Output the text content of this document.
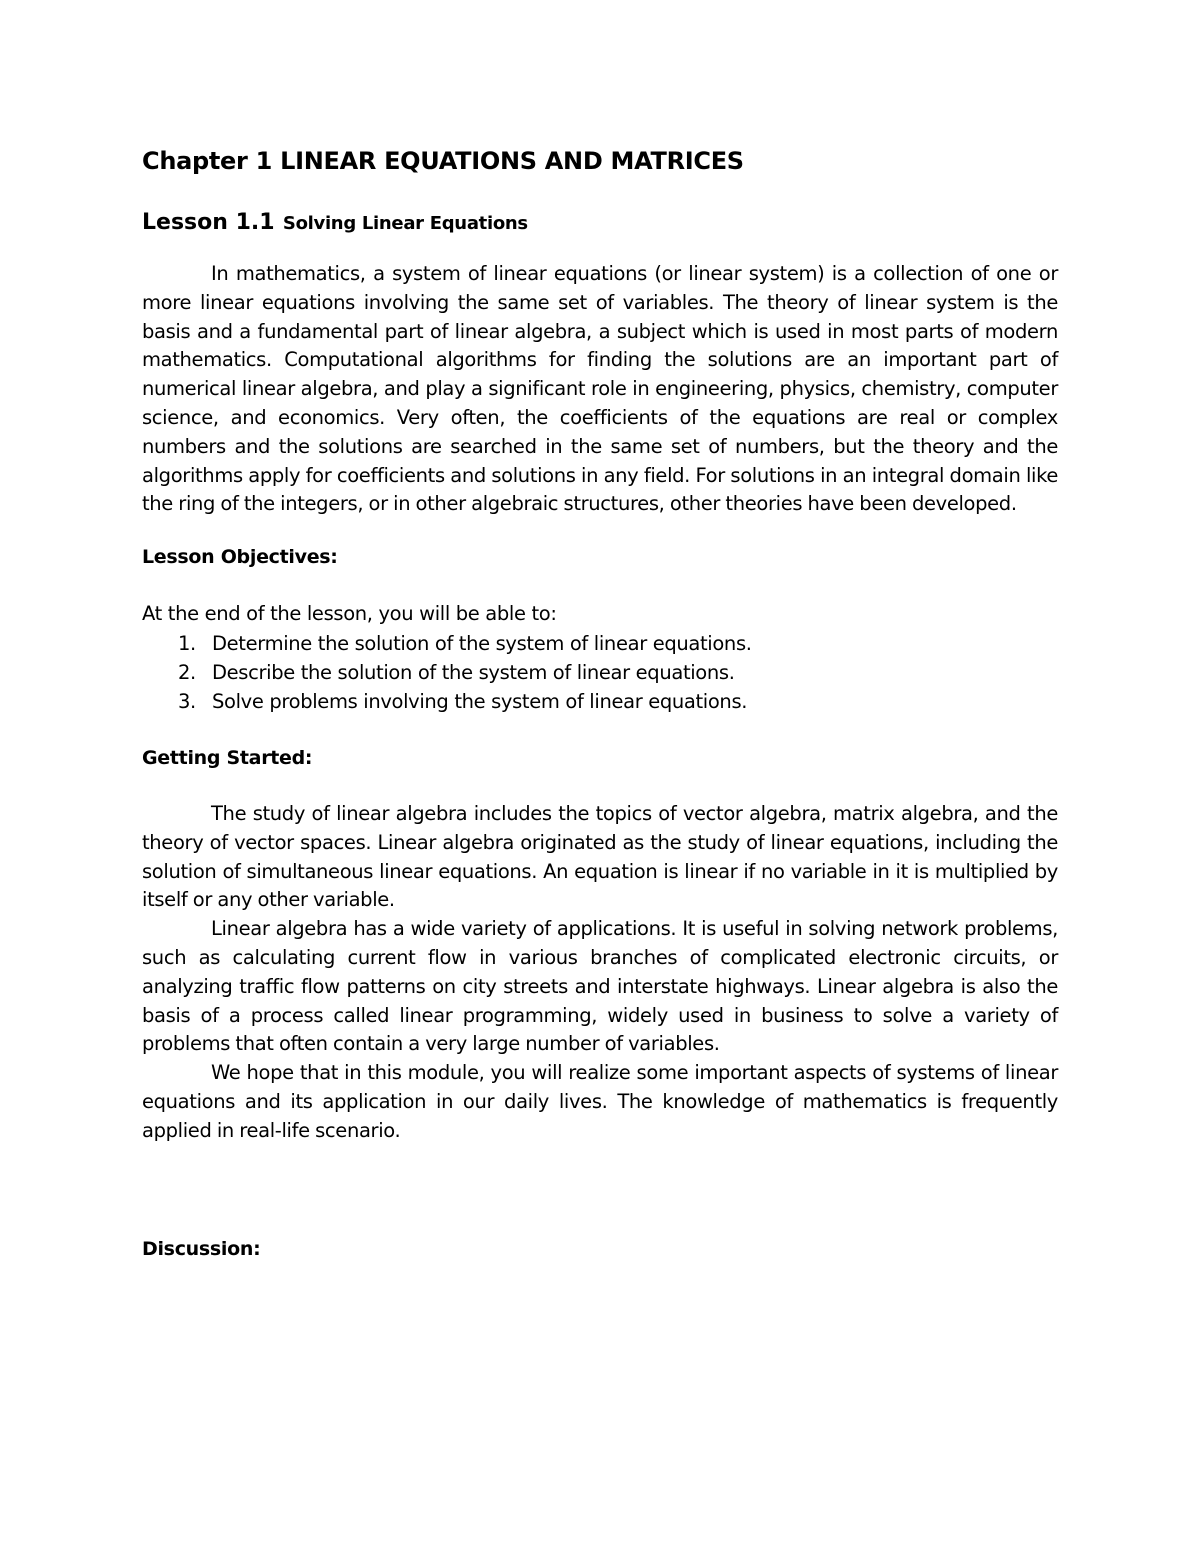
Chapter 1 LINEAR EQUATIONS AND MATRICES
Lesson 1.1 Solving Linear Equations

In mathematics, a system of linear equations (or linear system) is a collection of one or more linear equations involving the same set of variables. The theory of linear system is the basis and a fundamental part of linear algebra, a subject which is used in most parts of modern mathematics. Computational algorithms for finding the solutions are an important part of numerical linear algebra, and play a significant role in engineering, physics, chemistry, computer science, and economics. Very often, the coefficients of the equations are real or complex numbers and the solutions are searched in the same set of numbers, but the theory and the algorithms apply for coefficients and solutions in any field. For solutions in an integral domain like the ring of the integers, or in other algebraic structures, other theories have been developed.

Lesson Objectives:

At the end of the lesson, you will be able to:

1. Determine the solution of the system of linear equations.
2. Describe the solution of the system of linear equations.
3. Solve problems involving the system of linear equations.
Getting Started:

The study of linear algebra includes the topics of vector algebra, matrix algebra, and the theory of vector spaces. Linear algebra originated as the study of linear equations, including the solution of simultaneous linear equations. An equation is linear if no variable in it is multiplied by itself or any other variable.

Linear algebra has a wide variety of applications. It is useful in solving network problems, such as calculating current flow in various branches of complicated electronic circuits, or analyzing traffic flow patterns on city streets and interstate highways. Linear algebra is also the basis of a process called linear programming, widely used in business to solve a variety of problems that often contain a very large number of variables.

We hope that in this module, you will realize some important aspects of systems of linear equations and its application in our daily lives. The knowledge of mathematics is frequently applied in real-life scenario.

Discussion:
